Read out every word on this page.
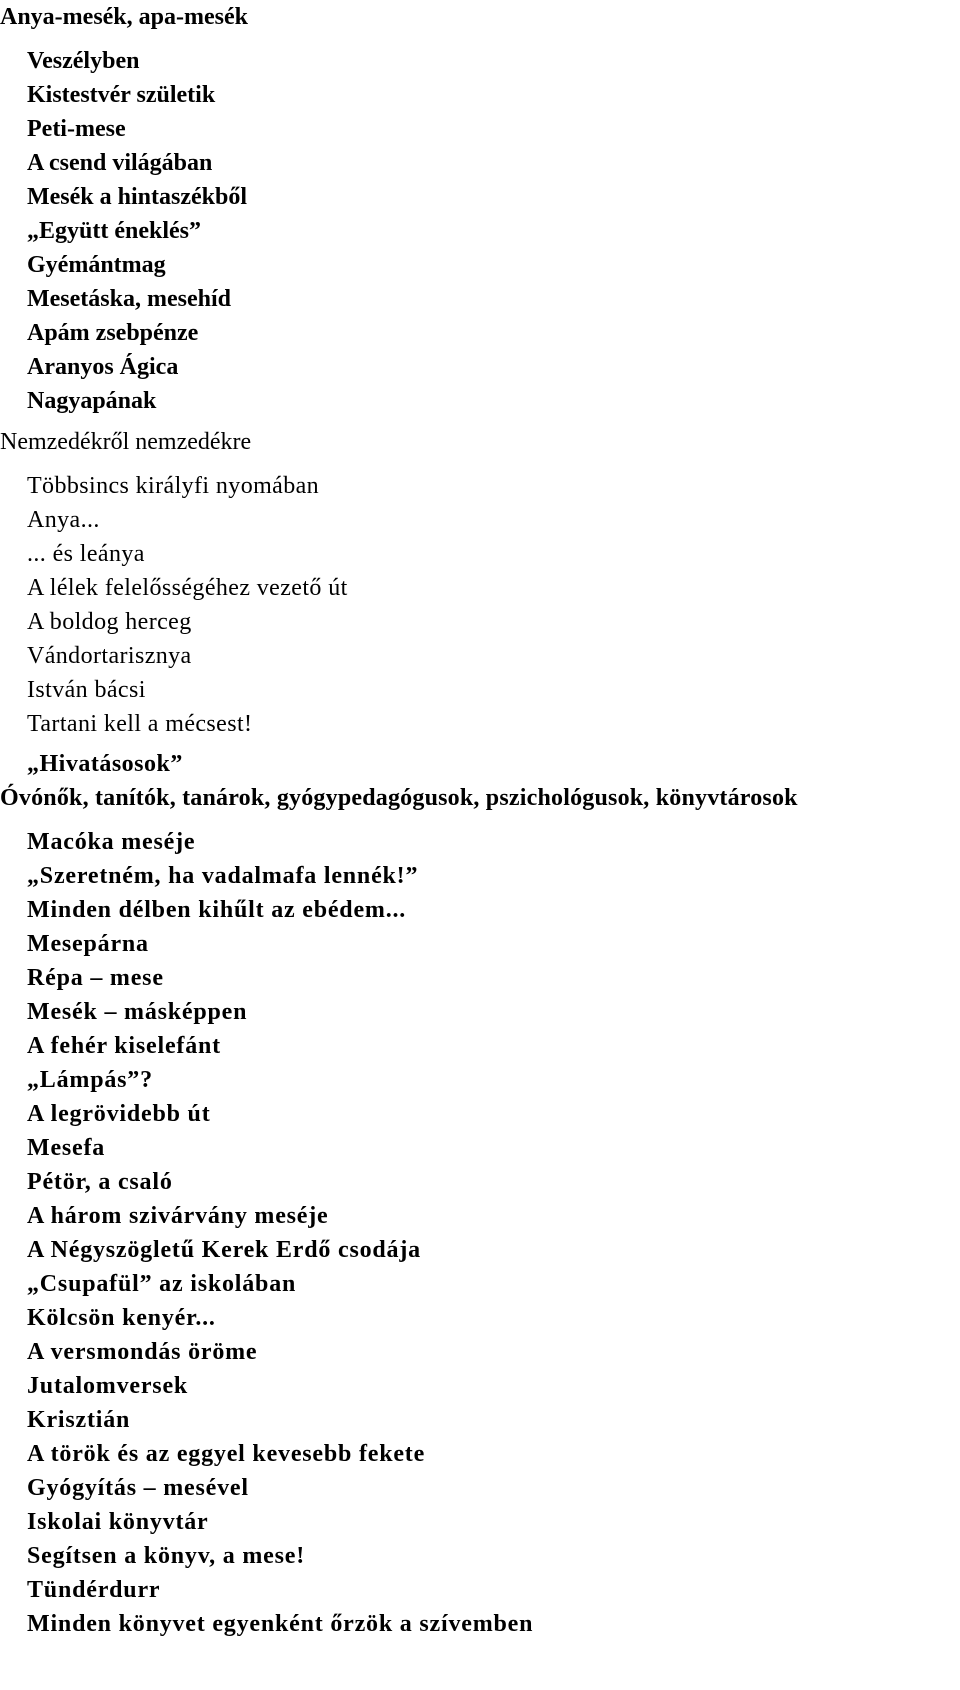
Anya-mesék, apa-mesék
Veszélyben
Kistestvér születik
Peti-mese
A csend világában
Mesék a hintaszékből
„Együtt éneklés”
Gyémántmag
Mesetáska, mesehíd
Apám zsebpénze
Aranyos Ágica
Nagyapának
Nemzedékről nemzedékre
Többsincs királyfi nyomában
Anya...
... és leánya
A lélek felelősségéhez vezető út
A boldog herceg
Vándortarisznya
István bácsi
Tartani kell a mécsest!
„Hivatásosok”

Óvónők, tanítók, tanárok, gyógypedagógusok, pszichológusok, könyvtárosok

Macóka meséje
„Szeretném, ha vadalmafa lennék!”
Minden délben kihűlt az ebédem...
Mesepárna
Répa – mese
Mesék – másképpen
A fehér kiselefánt
„Lámpás”?
A legrövidebb út
Mesefa
Pétör, a csaló
A három szivárvány meséje
A Négyszögletű Kerek Erdő csodája
„Csupafül” az iskolában
Kölcsön kenyér...
A versmondás öröme
Jutalomversek
Krisztián
A török és az eggyel kevesebb fekete
Gyógyítás – mesével
Iskolai könyvtár
Segítsen a könyv, a mese!
Tündérdurr
Minden könyvet egyenként őrzök a szívemben
